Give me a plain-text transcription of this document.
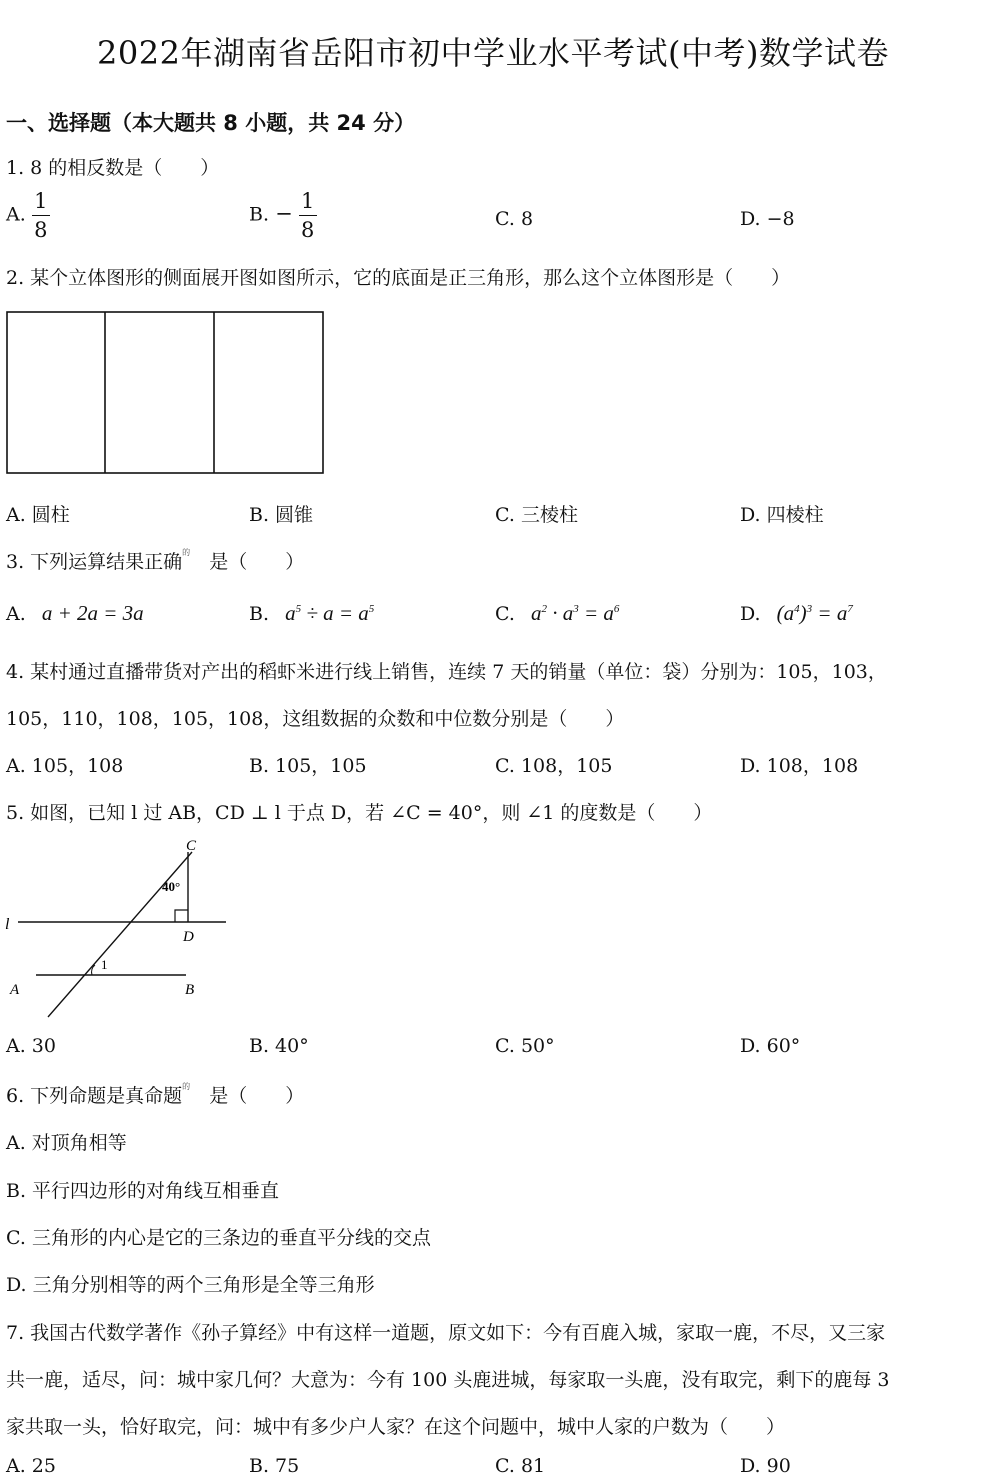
2022年湖南省岳阳市初中学业水平考试(中考)数学试卷
一、选择题（本大题共 8 小题，共 24 分）
1. 8 的相反数是（　　）
A. $\frac{1}{8}$	B. − $\frac{1}{8}$	C. 8	D. −8
2. 某个立体图形的侧面展开图如图所示，它的底面是正三角形，那么这个立体图形是（　　）
A. 圆柱	B. 圆锥	C. 三棱柱	D. 四棱柱
3. 下列运算结果正确$^的$　 是（　　）
A. a + 2a = 3a	B. $a^5 \div a = a^5$	C. $a^2 \cdot a^3 = a^6$	D. $(a^4)^3 = a^7$
4. 某村通过直播带货对产出的稻虾米进行线上销售，连续 7 天的销量（单位：袋）分别为：105，103，
105，110，108，105，108，这组数据的众数和中位数分别是（　　）
A. 105，108	B. 105，105	C. 108，105	D. 108，108
5. 如图，已知 l 过 AB，CD ⊥ l 于点 D，若 ∠C = 40°，则 ∠1 的度数是（　　）
C
D
l
A	B
1
40°
A. 30	B. 40°	C. 50°	D. 60°
6. 下列命题是真命题$^的$　 是（　　）
A. 对顶角相等
B. 平行四边形的对角线互相垂直
C. 三角形的内心是它的三条边的垂直平分线的交点
D. 三角分别相等的两个三角形是全等三角形
7. 我国古代数学著作《孙子算经》中有这样一道题，原文如下：今有百鹿入城，家取一鹿，不尽，又三家
共一鹿，适尽，问：城中家几何？大意为：今有 100 头鹿进城，每家取一头鹿，没有取完，剩下的鹿每 3
家共取一头，恰好取完，问：城中有多少户人家？在这个问题中，城中人家的户数为（　　）
A. 25	B. 75	C. 81	D. 90
